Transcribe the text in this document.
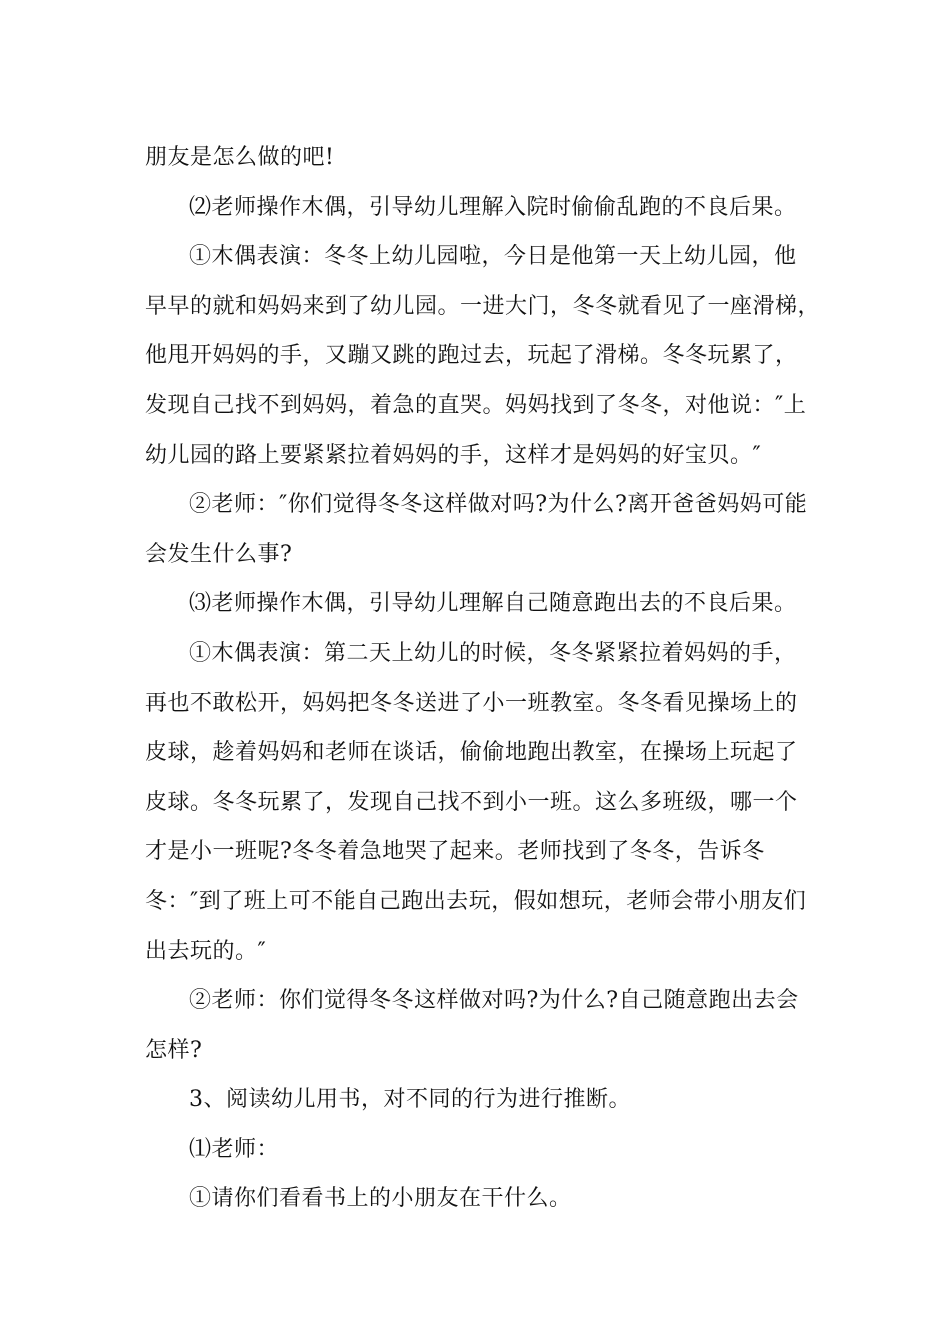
朋友是怎么做的吧!
⑵老师操作木偶，引导幼儿理解入院时偷偷乱跑的不良后果。
①木偶表演：冬冬上幼儿园啦，今日是他第一天上幼儿园，他
早早的就和妈妈来到了幼儿园。一进大门，冬冬就看见了一座滑梯，
他甩开妈妈的手，又蹦又跳的跑过去，玩起了滑梯。冬冬玩累了，
发现自己找不到妈妈，着急的直哭。妈妈找到了冬冬，对他说：″上
幼儿园的路上要紧紧拉着妈妈的手，这样才是妈妈的好宝贝。″
②老师：″你们觉得冬冬这样做对吗?为什么?离开爸爸妈妈可能
会发生什么事?
⑶老师操作木偶，引导幼儿理解自己随意跑出去的不良后果。
①木偶表演：第二天上幼儿的时候，冬冬紧紧拉着妈妈的手，
再也不敢松开，妈妈把冬冬送进了小一班教室。冬冬看见操场上的
皮球，趁着妈妈和老师在谈话，偷偷地跑出教室，在操场上玩起了
皮球。冬冬玩累了，发现自己找不到小一班。这么多班级，哪一个
才是小一班呢?冬冬着急地哭了起来。老师找到了冬冬，告诉冬
冬：″到了班上可不能自己跑出去玩，假如想玩，老师会带小朋友们
出去玩的。″
②老师：你们觉得冬冬这样做对吗?为什么?自己随意跑出去会
怎样?
3、阅读幼儿用书，对不同的行为进行推断。
⑴老师：
①请你们看看书上的小朋友在干什么。
